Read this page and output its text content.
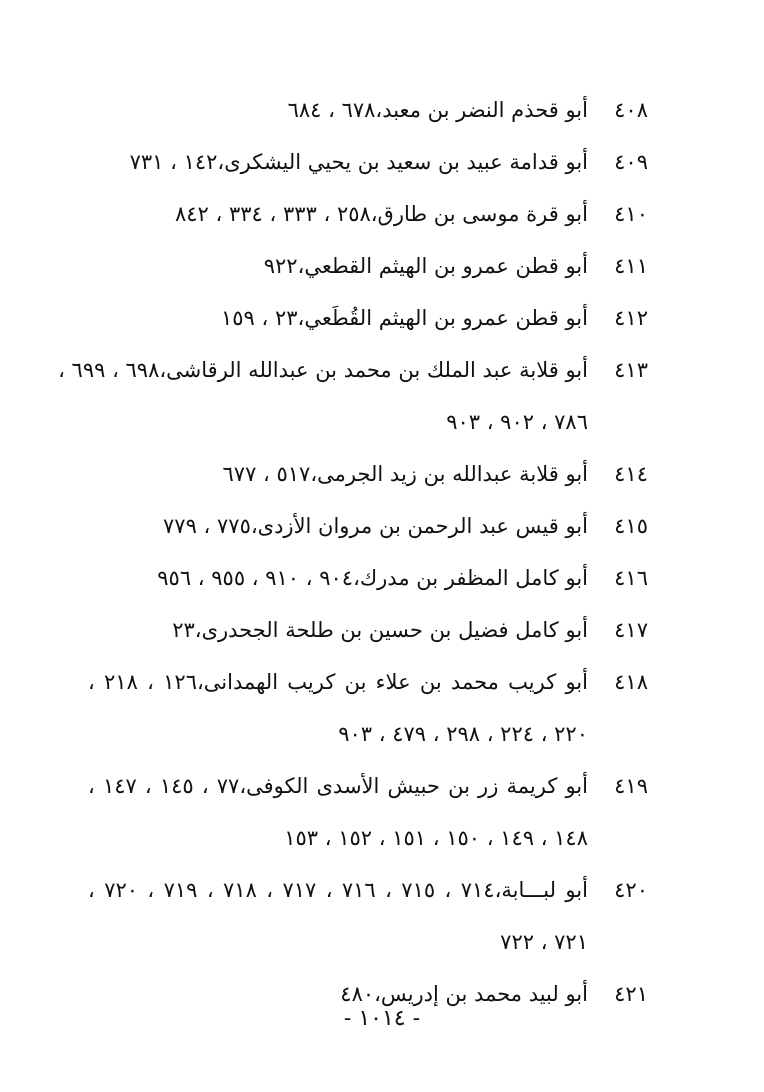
٤٠٨
أبو قحذم النضر بن معبد،٦٧٨ ، ٦٨٤
٤٠٩
أبو قدامة عبيد بن سعيد بن يحيي اليشكرى،١٤٢ ، ٧٣١
٤١٠
أبو قرة موسى بن طارق،٢٥٨ ، ٣٣٣ ، ٣٣٤ ، ٨٤٢
٤١١
أبو قطن عمرو بن الهيثم القطعي،٩٢٢
٤١٢
أبو قطن عمرو بن الهيثم القُطَعي،٢٣ ، ١٥٩
٤١٣
أبو قلابة عبد الملك بن محمد بن عبدالله الرقاشى،٦٩٨ ، ٦٩٩ ،
٧٨٦ ، ٩٠٢ ، ٩٠٣
٤١٤
أبو قلابة عبدالله بن زيد الجرمى،٥١٧ ، ٦٧٧
٤١٥
أبو قيس عبد الرحمن بن مروان الأزدى،٧٧٥ ، ٧٧٩
٤١٦
أبو كامل المظفر بن مدرك،٩٠٤ ، ٩١٠ ، ٩٥٥ ، ٩٥٦
٤١٧
أبو كامل فضيل بن حسين بن طلحة الجحدرى،٢٣
٤١٨
أبو كريب محمد بن علاء بن كريب الهمدانى،١٢٦ ، ٢١٨ ،
٢٢٠ ، ٢٢٤ ، ٢٩٨ ، ٤٧٩ ، ٩٠٣
٤١٩
أبو كريمة زر بن حبيش الأسدى الكوفى،٧٧ ، ١٤٥ ، ١٤٧ ،
١٤٨ ، ١٤٩ ، ١٥٠ ، ١٥١ ، ١٥٢ ، ١٥٣
٤٢٠
أبو لبـــابة،٧١٤ ، ٧١٥ ، ٧١٦ ، ٧١٧ ، ٧١٨ ، ٧١٩ ، ٧٢٠ ،
٧٢١ ، ٧٢٢
٤٢١
أبو لبيد محمد بن إدريس،٤٨٠
- ١٠١٤ -
